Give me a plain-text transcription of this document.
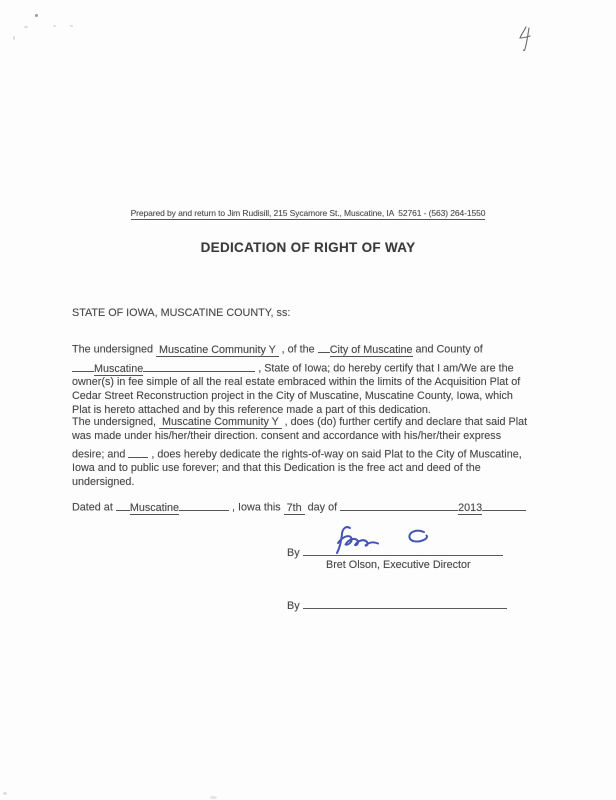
4
Prepared by and return to Jim Rudisill, 215 Sycamore St., Muscatine, IA  52761 - (563) 264-1550
DEDICATION OF RIGHT OF WAY
STATE OF IOWA, MUSCATINE COUNTY, ss:
The undersigned  Muscatine Community Y  , of the  City of Muscatine and County of
Muscatine	, State of Iowa; do hereby certify that I am/We are the
owner(s) in fee simple of all the real estate embraced within the limits of the Acquisition Plat of
Cedar Street Reconstruction project in the City of Muscatine, Muscatine County, Iowa, which
Plat is hereto attached and by this reference made a part of this dedication.
The undersigned,  Muscatine Community Y  , does (do) further certify and declare that said Plat
was made under his/her/their direction. consent and accordance with his/her/their express
desire; and   , does hereby dedicate the rights-of-way on said Plat to the City of Muscatine,
Iowa and to public use forever; and that this Dedication is the free act and deed of the
undersigned.
Dated at  Muscatine	, Iowa this  7th  day of	2013
By
Bret Olson, Executive Director
By
